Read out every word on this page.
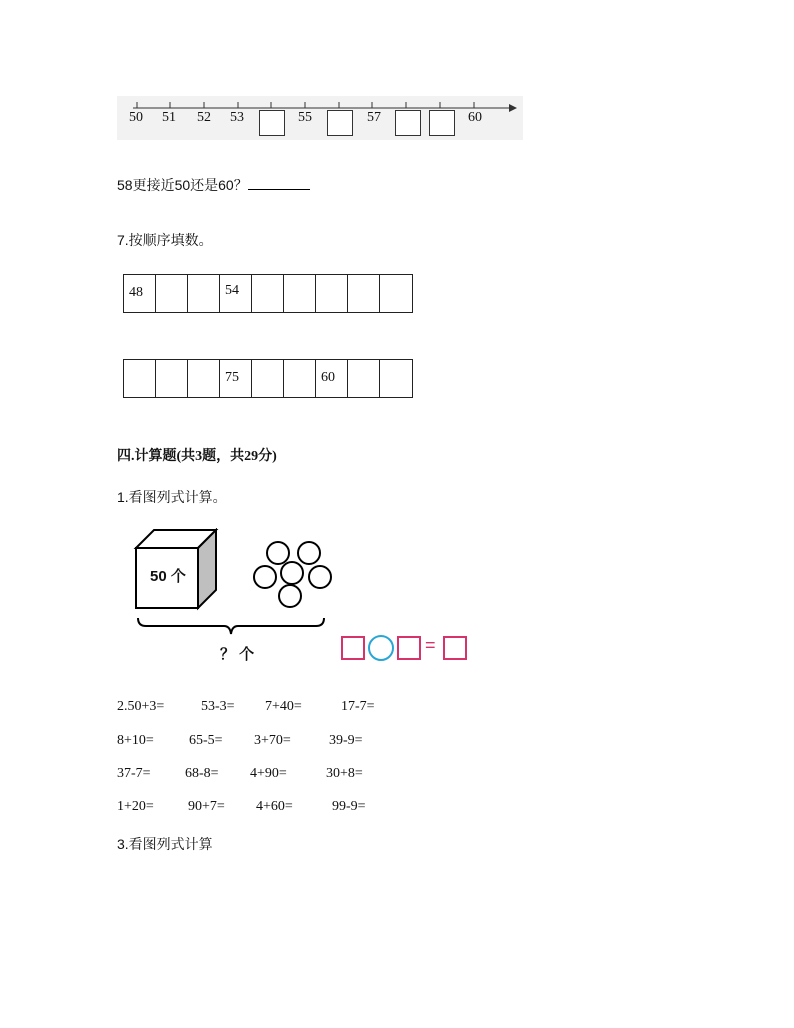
50 51 52 53	55	57	60
58更接近50还是60？
7.按顺序填数。
48	54
75	60
四.计算题(共3题，共29分)
1.看图列式计算。
50 个
？ 个	=
2.50+3=	53-3= 7+40=	17-7=
8+10=	65-5= 3+70=	39-9=
37-7= 68-8= 4+90=	30+8=
1+20= 90+7= 4+60=	99-9=
3.看图列式计算
